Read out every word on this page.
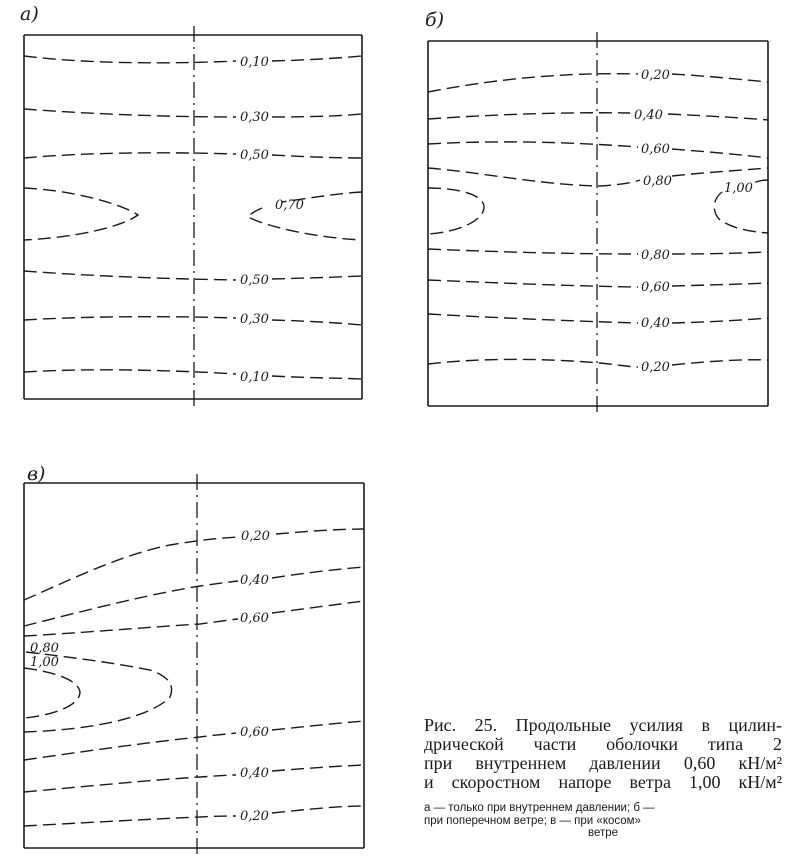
а)
0,10
0,30
0,50
0,70
0,50
0,30
0,10
б)
0,20
0,40
0,60
0,80	1,00
0,80
0,60
0,40
0,20
в)
0,20
0,40
0,60
0,80
1,00
0,60
0,40
0,20

Рис. 25. Продольные усилия в цилин-
дрической части оболочки типа 2
при внутреннем давлении 0,60 кН/м²
и скоростном напоре ветра 1,00 кН/м²

а — только при внутреннем давлении; б —
при поперечном ветре; в — при «косом»
ветре
